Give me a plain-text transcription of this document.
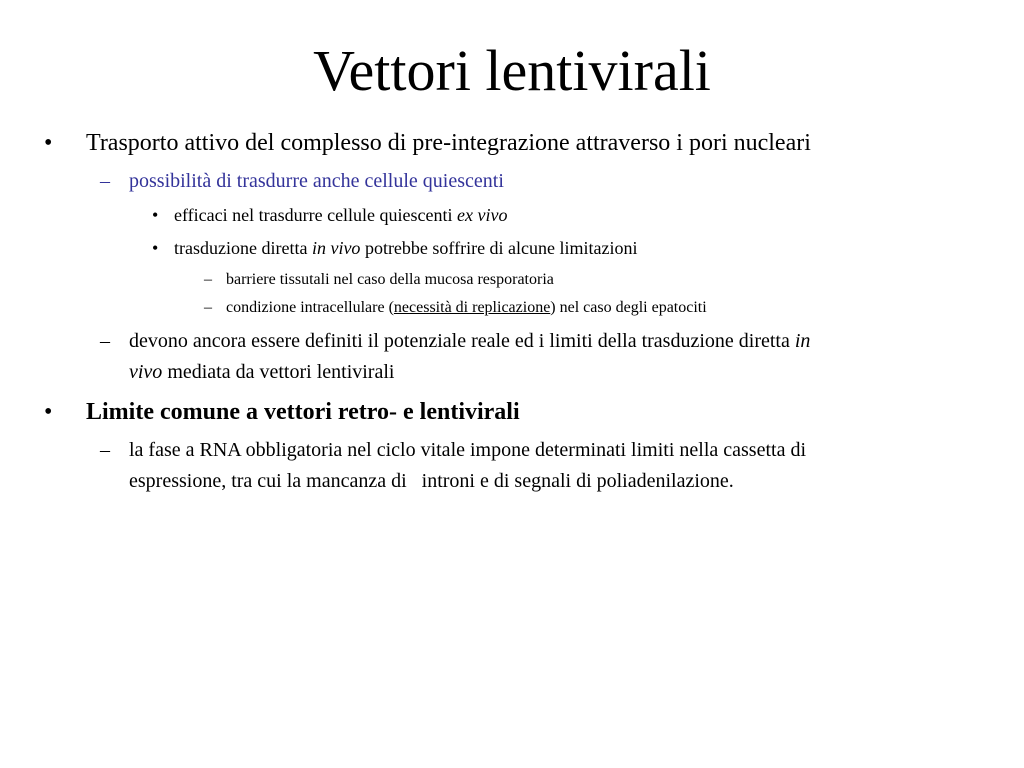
Vettori lentivirali
• Trasporto attivo del complesso di pre-integrazione attraverso i pori nucleari
– possibilità di trasdurre anche cellule quiescenti
• efficaci nel trasdurre cellule quiescenti ex vivo
• trasduzione diretta in vivo potrebbe soffrire di alcune limitazioni
– barriere tissutali nel caso della mucosa resporatoria
– condizione intracellulare (necessità di replicazione) nel caso degli epatociti
– devono ancora essere definiti il potenziale reale ed i limiti della trasduzione diretta in
vivo mediata da vettori lentivirali
• Limite comune a vettori retro- e lentivirali
– la fase a RNA obbligatoria nel ciclo vitale impone determinati limiti nella cassetta di
espressione, tra cui la mancanza di   introni e di segnali di poliadenilazione.
